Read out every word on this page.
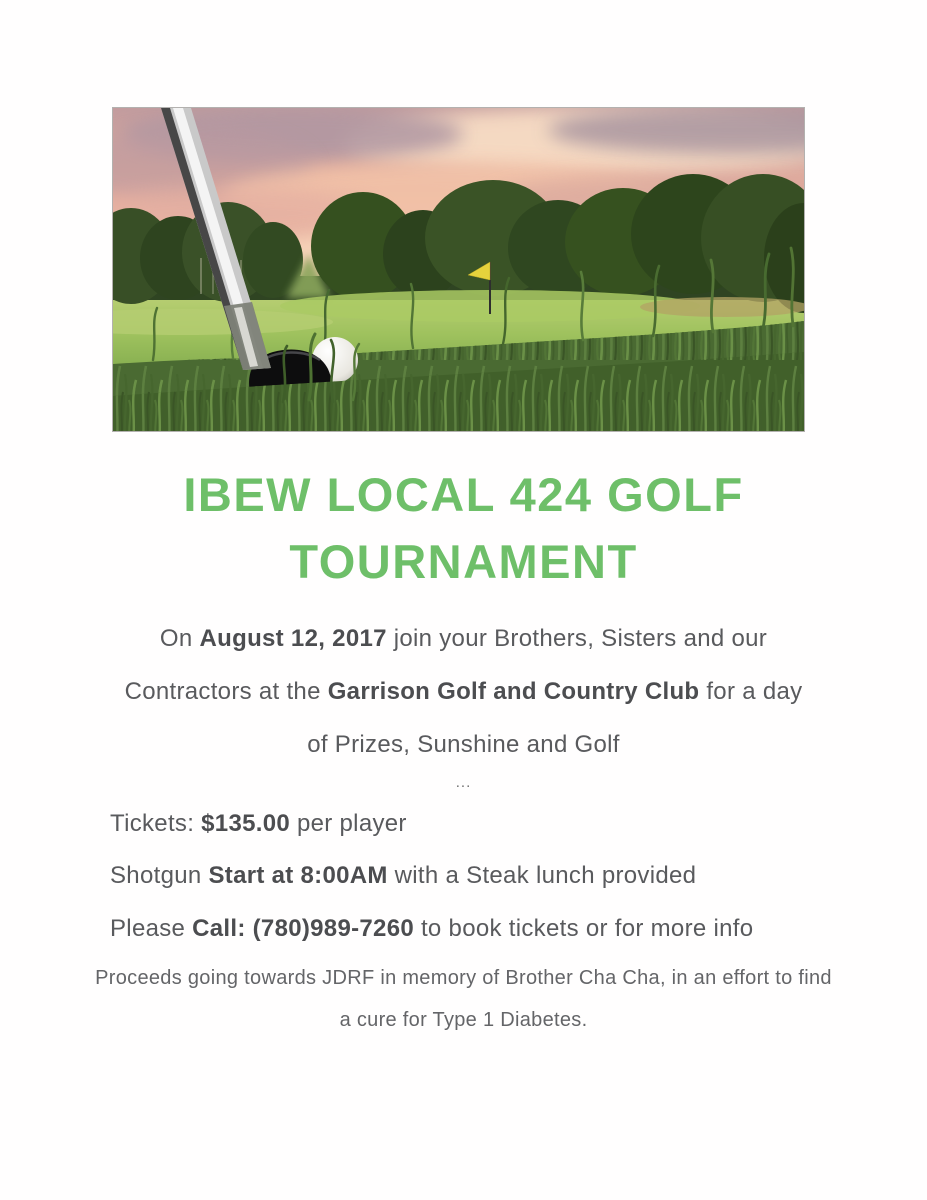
IBEW LOCAL 424 GOLF
TOURNAMENT

On August 12, 2017 join your Brothers, Sisters and our
Contractors at the Garrison Golf and Country Club for a day
of Prizes, Sunshine and Golf

...
Tickets: $135.00 per player
Shotgun Start at 8:00AM with a Steak lunch provided
Please Call: (780)989-7260 to book tickets or for more info
Proceeds going towards JDRF in memory of Brother Cha Cha, in an effort to find
a cure for Type 1 Diabetes.
